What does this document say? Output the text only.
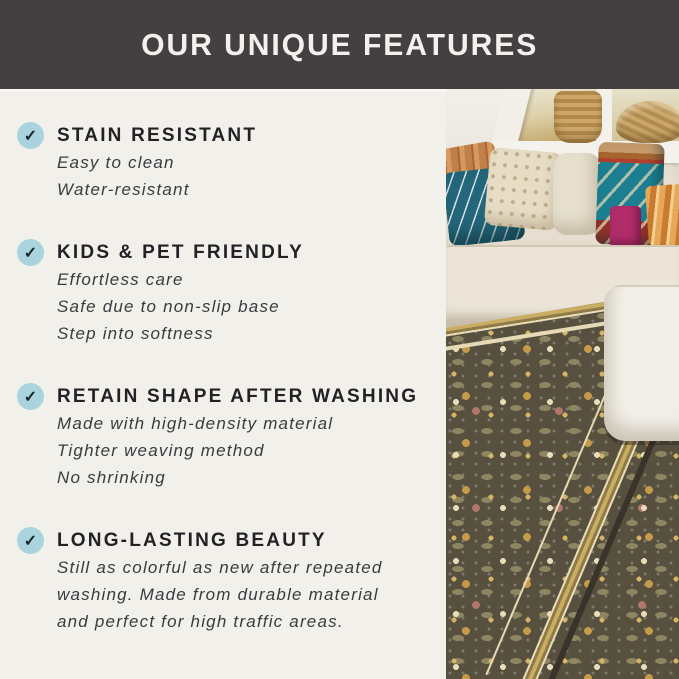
OUR UNIQUE FEATURES
✓ STAIN RESISTANT
Easy to clean
Water-resistant
✓ KIDS & PET FRIENDLY
Effortless care
Safe due to non-slip base
Step into softness
✓ RETAIN SHAPE AFTER WASHING
Made with high-density material
Tighter weaving method
No shrinking
✓ LONG-LASTING BEAUTY
Still as colorful as new after repeated
washing. Made from durable material
and perfect for high traffic areas.
